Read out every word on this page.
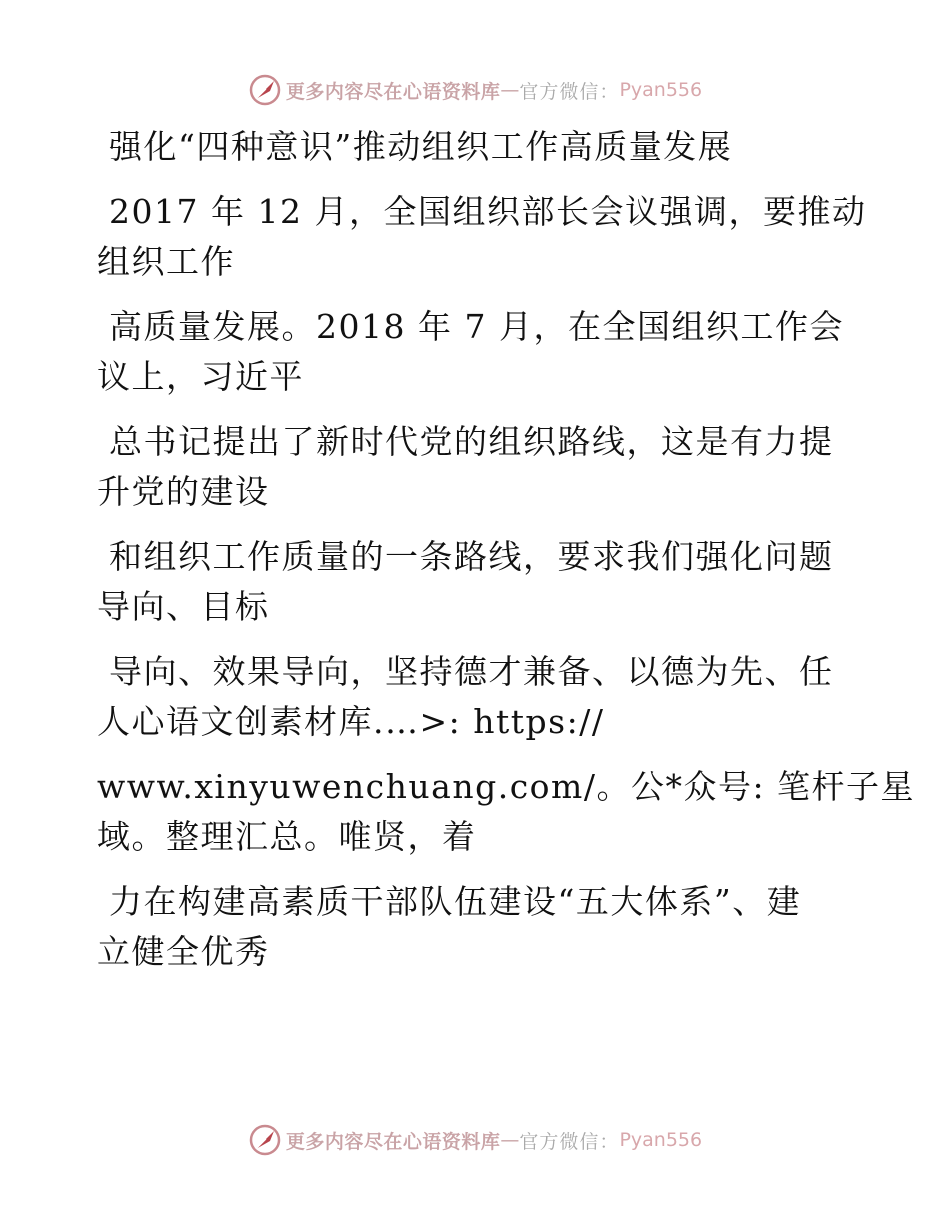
更多内容尽在心语资料库 — 官方微信： Pyan556
强化“四种意识”推动组织工作高质量发展
2017 年 12 月，全国组织部长会议强调，要推动
组织工作
高质量发展。2018 年 7 月，在全国组织工作会
议上，习近平
总书记提出了新时代党的组织路线，这是有力提
升党的建设
和组织工作质量的一条路线，要求我们强化问题
导向、目标
导向、效果导向，坚持德才兼备、以德为先、任
人心语文创素材库.…>: https://
www.xinyuwenchuang.com/。公*众号: 笔杆子星
域。整理汇总。唯贤，着
力在构建高素质干部队伍建设“五大体系”、建
立健全优秀
更多内容尽在心语资料库 — 官方微信： Pyan556
